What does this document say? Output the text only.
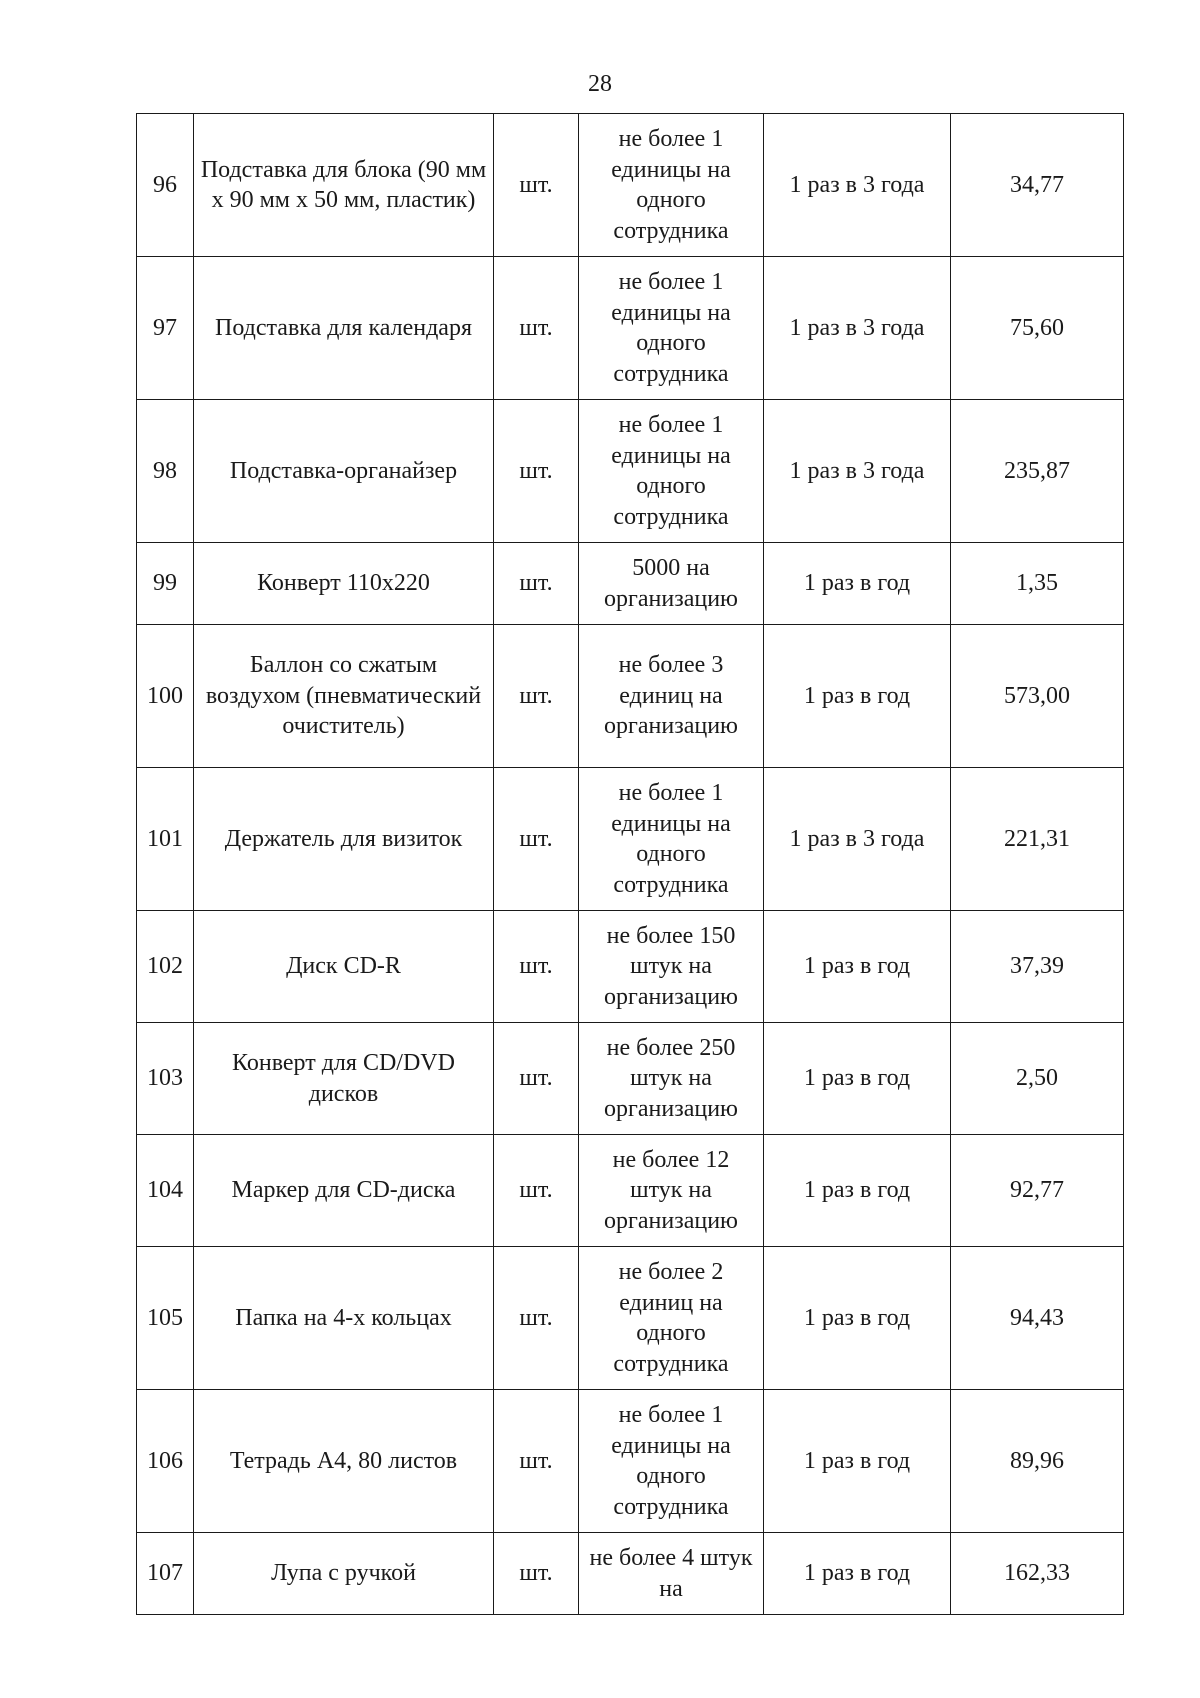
28
96	Подставка для блока (90 мм х 90 мм х 50 мм, пластик)	шт.	не более 1 единицы на одного сотрудника	1 раз в 3 года	34,77
97	Подставка для календаря	шт.	не более 1 единицы на одного сотрудника	1 раз в 3 года	75,60
98	Подставка-органайзер	шт.	не более 1 единицы на одного сотрудника	1 раз в 3 года	235,87
99	Конверт 110х220	шт.	5000 на организацию	1 раз в год	1,35
100	Баллон со сжатым воздухом (пневматический очиститель)	шт.	не более 3 единиц на организацию	1 раз в год	573,00
101	Держатель для визиток	шт.	не более 1 единицы на одного сотрудника	1 раз в 3 года	221,31
102	Диск CD-R	шт.	не более 150 штук на организацию	1 раз в год	37,39
103	Конверт для CD/DVD дисков	шт.	не более 250 штук на организацию	1 раз в год	2,50
104	Маркер для CD-диска	шт.	не более 12 штук на организацию	1 раз в год	92,77
105	Папка на 4-х кольцах	шт.	не более 2 единиц на одного сотрудника	1 раз в год	94,43
106	Тетрадь А4, 80 листов	шт.	не более 1 единицы на одного сотрудника	1 раз в год	89,96
107	Лупа с ручкой	шт.	не более 4 штук на	1 раз в год	162,33
